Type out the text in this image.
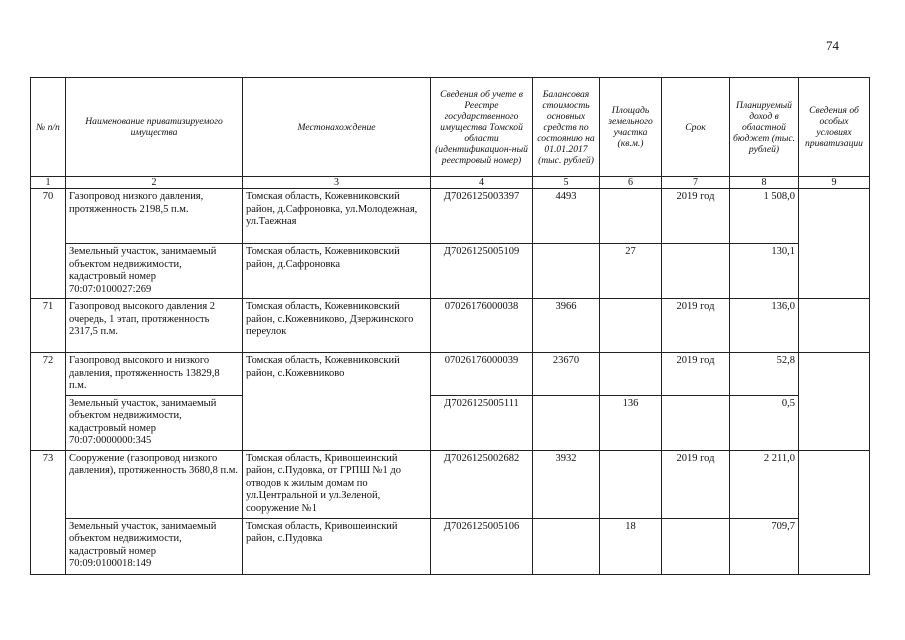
74
№ п/п	Наименование приватизируемого имущества	Местонахождение	Сведения об учете в Реестре государственного имущества Томской области (идентификацион-ный реестровый номер)	Балансовая стоимость основных средств по состоянию на 01.01.2017 (тыс. рублей)	Площадь земельного участка (кв.м.)	Срок	Планируемый доход в областной бюджет (тыс. рублей)	Сведения об особых условиях приватизации
1	2	3	4	5	6	7	8	9
70	Газопровод низкого давления, протяженность 2198,5 п.м.	Томская область, Кожевниковский район, д.Сафроновка, ул.Молодежная, ул.Таежная	Д7026125003397	4493		2019 год	1 508,0	
	Земельный участок, занимаемый объектом недвижимости, кадастровый номер 70:07:0100027:269	Томская область, Кожевниковский район, д.Сафроновка	Д7026125005109		27		130,1	
71	Газопровод высокого давления 2 очередь, 1 этап, протяженность 2317,5 п.м.	Томская область, Кожевниковский район, с.Кожевниково, Дзержинского переулок	07026176000038	3966		2019 год	136,0	
72	Газопровод высокого и низкого давления, протяженность 13829,8 п.м.	Томская область, Кожевниковский район, с.Кожевниково	07026176000039	23670		2019 год	52,8	
	Земельный участок, занимаемый объектом недвижимости, кадастровый номер 70:07:0000000:345		Д7026125005111		136		0,5	
73	Сооружение (газопровод низкого давления), протяженность 3680,8 п.м.	Томская область, Кривошеинский район, с.Пудовка, от ГРПШ №1 до отводов к жилым домам по ул.Центральной и ул.Зеленой, сооружение №1	Д7026125002682	3932		2019 год	2 211,0	
	Земельный участок, занимаемый объектом недвижимости, кадастровый номер 70:09:0100018:149	Томская область, Кривошеинский район, с.Пудовка	Д7026125005106		18		709,7	
